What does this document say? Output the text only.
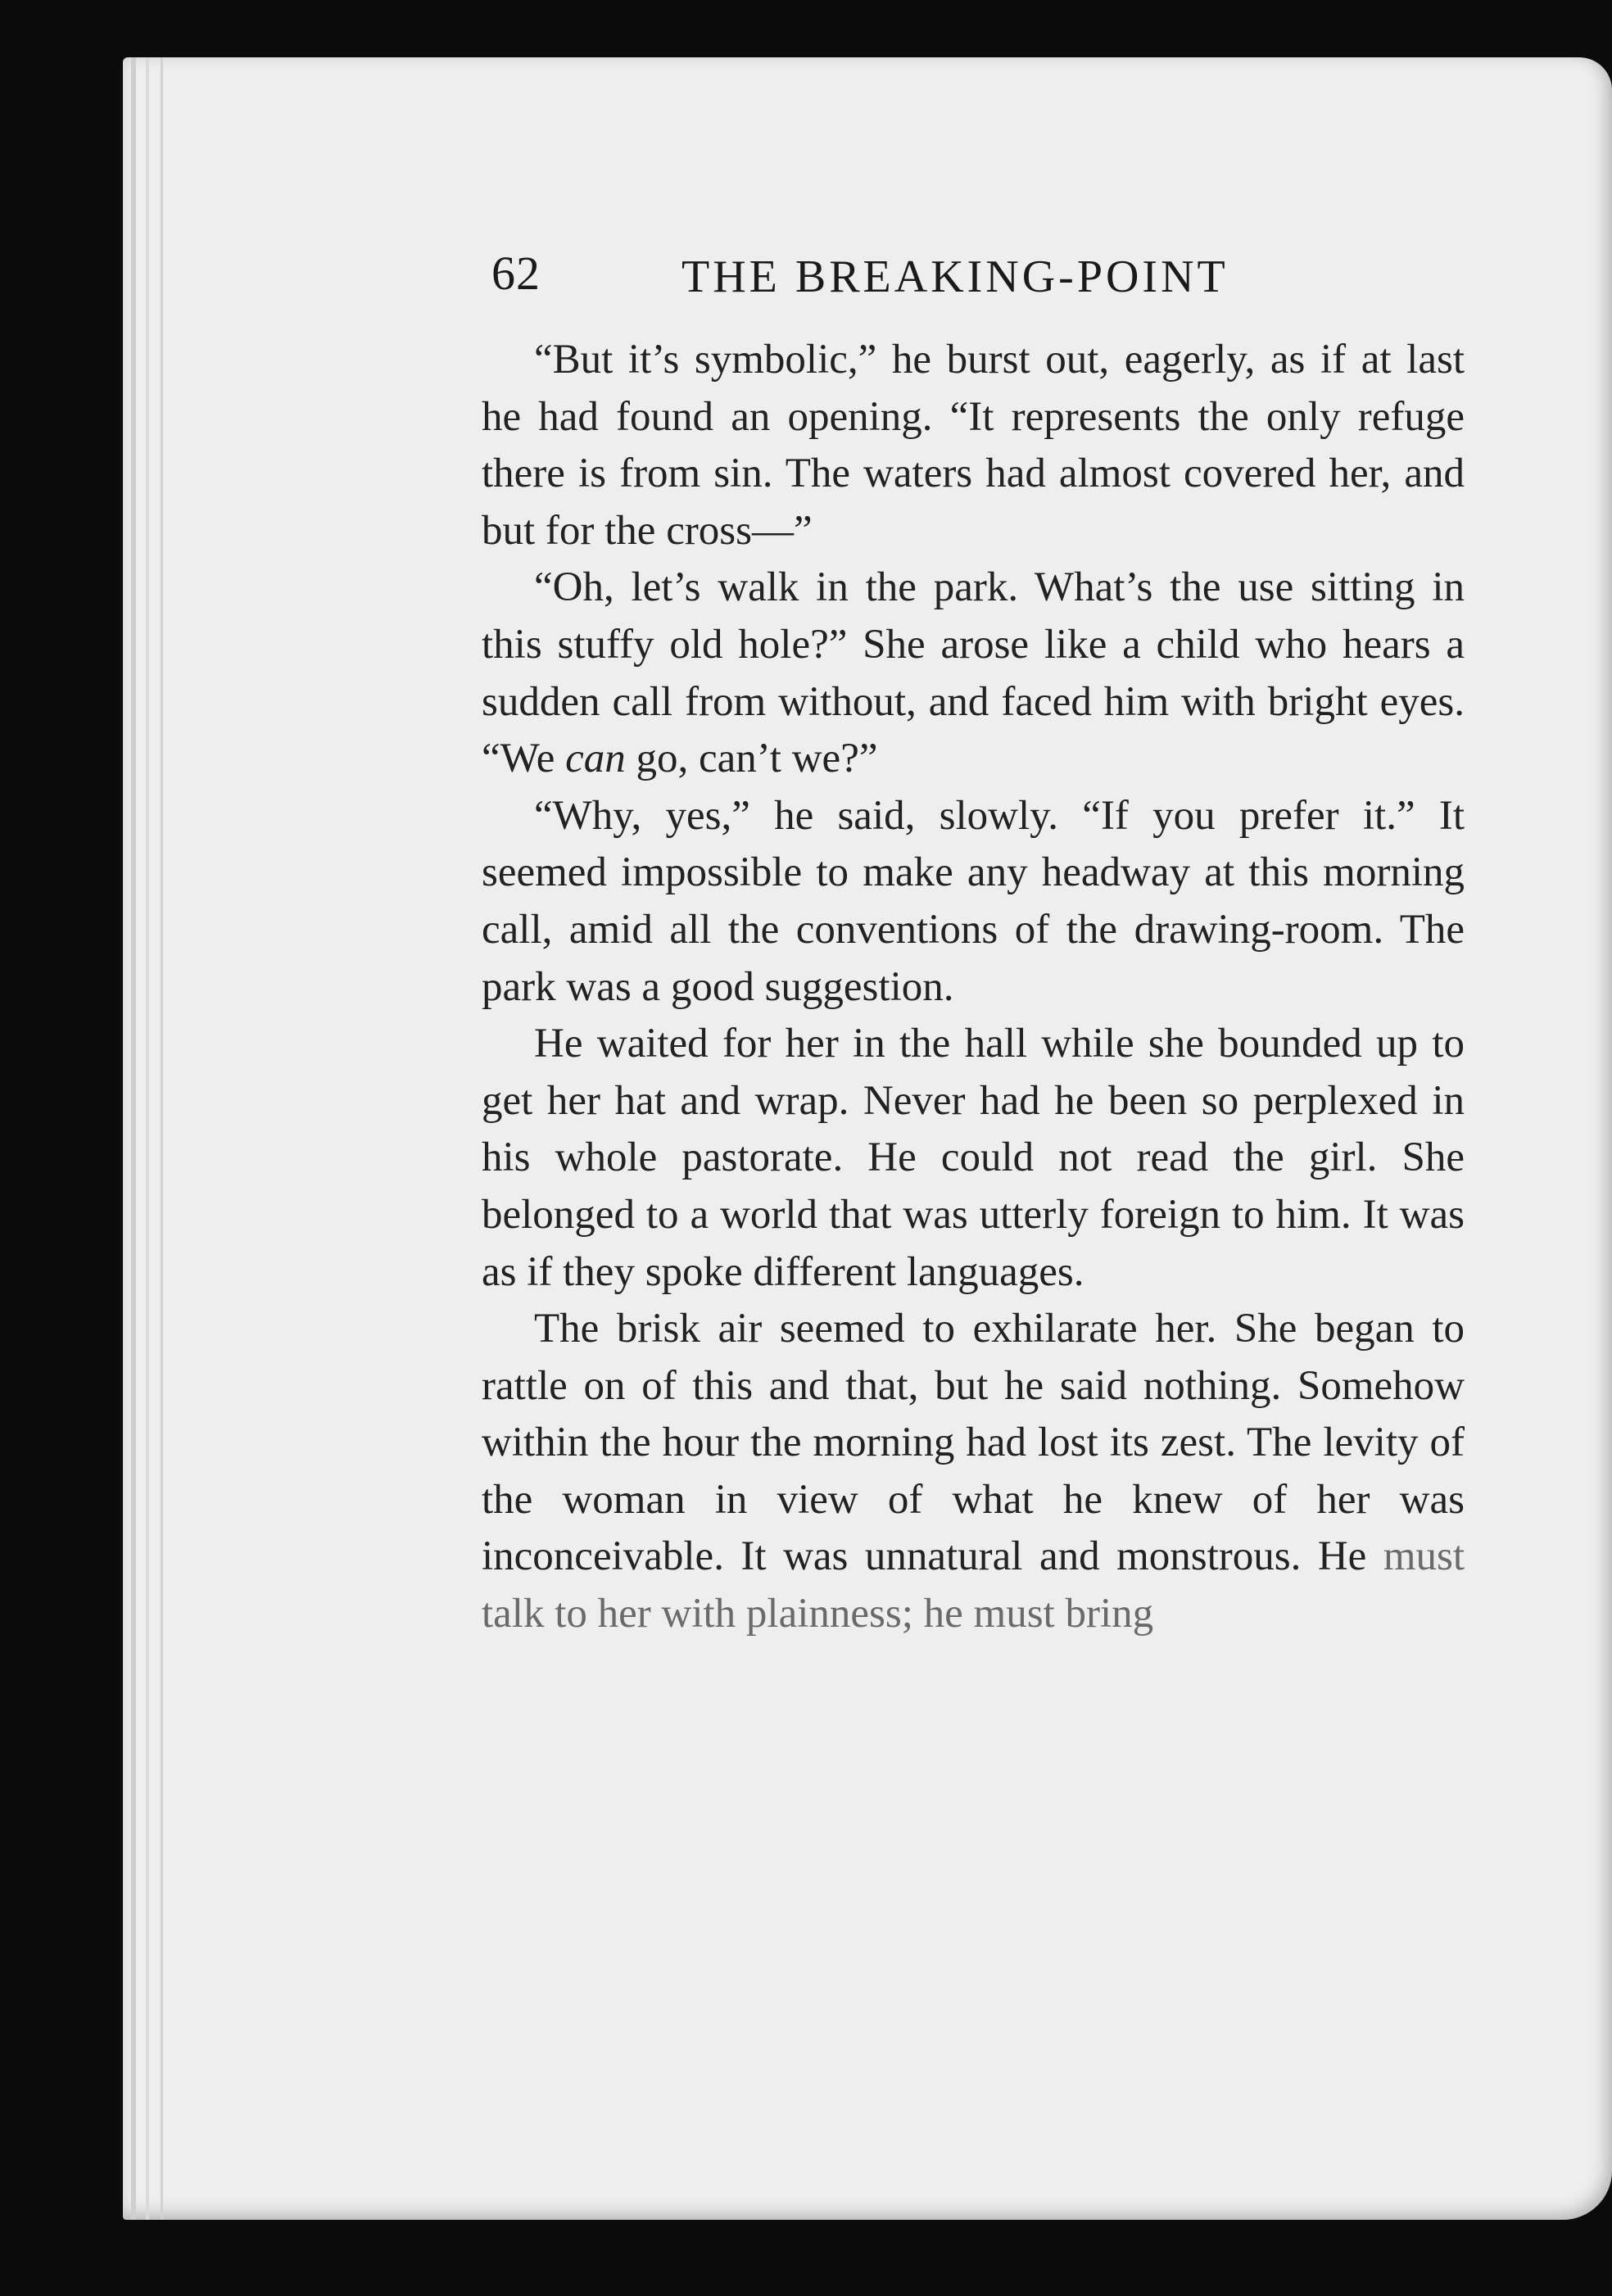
62	THE BREAKING-POINT

“But it’s symbolic,” he burst out, eagerly, as if at last he had found an opening. “It represents the only refuge there is from sin. The waters had almost covered her, and but for the cross—”

“Oh, let’s walk in the park. What’s the use sitting in this stuffy old hole?” She arose like a child who hears a sudden call from without, and faced him with bright eyes. “We can go, can’t we?”

“Why, yes,” he said, slowly. “If you prefer it.” It seemed impossible to make any headway at this morning call, amid all the conventions of the drawing-room. The park was a good suggestion.

He waited for her in the hall while she bounded up to get her hat and wrap. Never had he been so perplexed in his whole pastorate. He could not read the girl. She belonged to a world that was utterly foreign to him. It was as if they spoke different languages.

The brisk air seemed to exhilarate her. She began to rattle on of this and that, but he said nothing. Somehow within the hour the morning had lost its zest. The levity of the woman in view of what he knew of her was inconceivable. It was unnatural and monstrous. He must talk to her with plainness; he must bring
